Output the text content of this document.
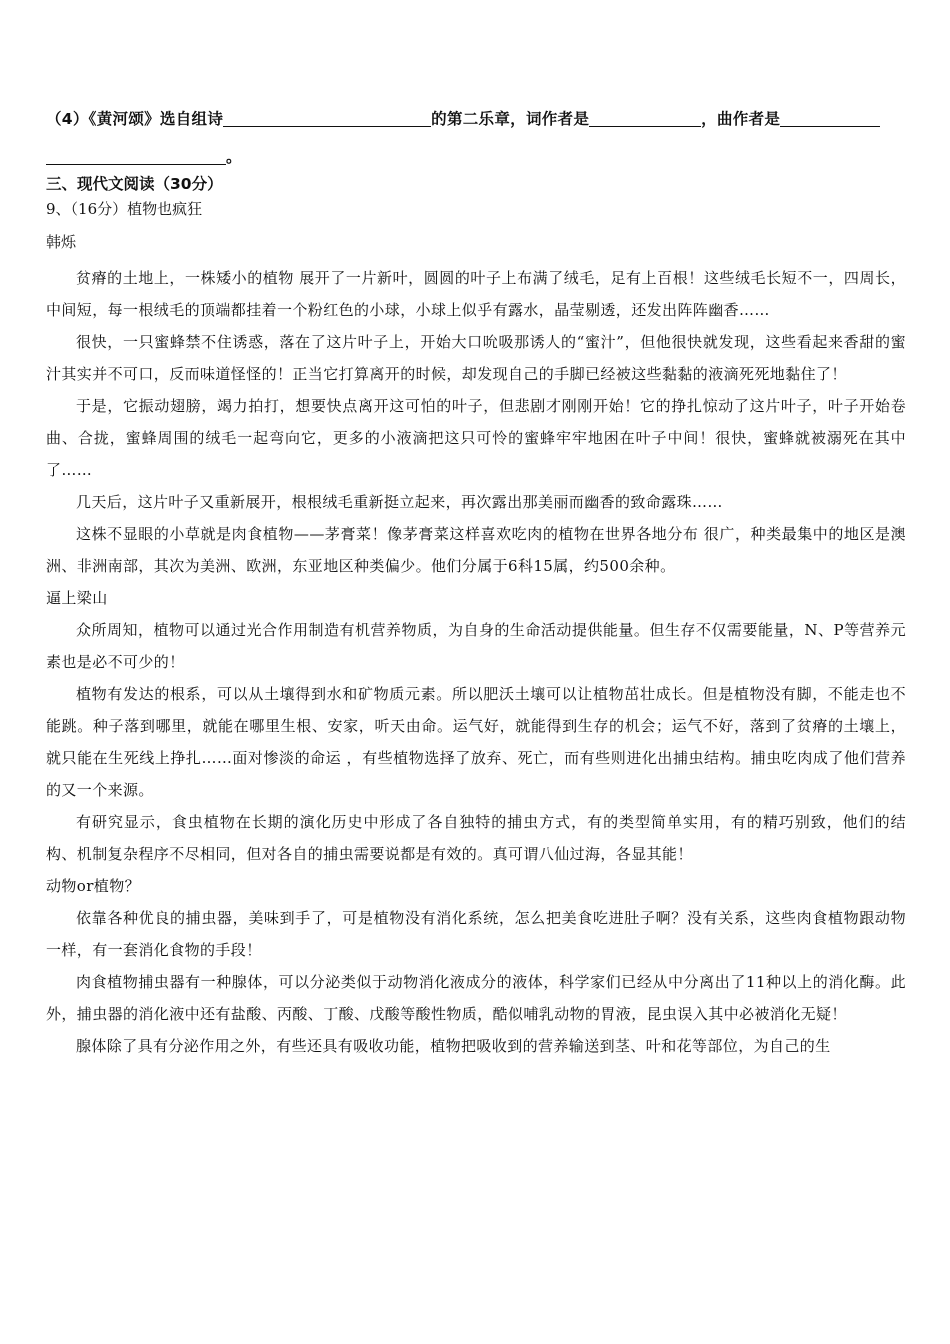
（4）《黄河颂》选自组诗	的第二乐章，词作者是	，曲作者是
。
三、现代文阅读（30分）
9、（16分）植物也疯狂
韩烁

贫瘠的土地上，一株矮小的植物 展开了一片新叶，圆圆的叶子上布满了绒毛，足有上百根！这些绒毛长短不一，四周长，中间短，每一根绒毛的顶端都挂着一个粉红色的小球，小球上似乎有露水，晶莹剔透，还发出阵阵幽香……

很快，一只蜜蜂禁不住诱惑，落在了这片叶子上，开始大口吮吸那诱人的“蜜汁”，但他很快就发现，这些看起来香甜的蜜汁其实并不可口，反而味道怪怪的！正当它打算离开的时候，却发现自己的手脚已经被这些黏黏的液滴死死地黏住了！

于是，它振动翅膀，竭力拍打，想要快点离开这可怕的叶子，但悲剧才刚刚开始！它的挣扎惊动了这片叶子，叶子开始卷曲、合拢，蜜蜂周围的绒毛一起弯向它，更多的小液滴把这只可怜的蜜蜂牢牢地困在叶子中间！很快，蜜蜂就被溺死在其中了……

几天后，这片叶子又重新展开，根根绒毛重新挺立起来，再次露出那美丽而幽香的致命露珠……

这株不显眼的小草就是肉食植物——茅膏菜！像茅膏菜这样喜欢吃肉的植物在世界各地分布 很广，种类最集中的地区是澳洲、非洲南部，其次为美洲、欧洲，东亚地区种类偏少。他们分属于6科15属，约500余种。

逼上梁山

众所周知，植物可以通过光合作用制造有机营养物质，为自身的生命活动提供能量。但生存不仅需要能量，N、P等营养元素也是必不可少的！

植物有发达的根系，可以从土壤得到水和矿物质元素。所以肥沃土壤可以让植物茁壮成长。但是植物没有脚，不能走也不能跳。种子落到哪里，就能在哪里生根、安家，听天由命。运气好，就能得到生存的机会；运气不好，落到了贫瘠的土壤上，就只能在生死线上挣扎……面对惨淡的命运 ，有些植物选择了放弃、死亡，而有些则进化出捕虫结构。捕虫吃肉成了他们营养的又一个来源。

有研究显示，食虫植物在长期的演化历史中形成了各自独特的捕虫方式，有的类型简单实用，有的精巧别致，他们的结构、机制复杂程序不尽相同，但对各自的捕虫需要说都是有效的。真可谓八仙过海，各显其能！

动物or植物？

依靠各种优良的捕虫器，美味到手了，可是植物没有消化系统，怎么把美食吃进肚子啊？没有关系，这些肉食植物跟动物一样，有一套消化食物的手段！

肉食植物捕虫器有一种腺体，可以分泌类似于动物消化液成分的液体，科学家们已经从中分离出了11种以上的消化酶。此外，捕虫器的消化液中还有盐酸、丙酸、丁酸、戊酸等酸性物质，酷似哺乳动物的胃液，昆虫误入其中必被消化无疑！

腺体除了具有分泌作用之外，有些还具有吸收功能，植物把吸收到的营养输送到茎、叶和花等部位，为自己的生
